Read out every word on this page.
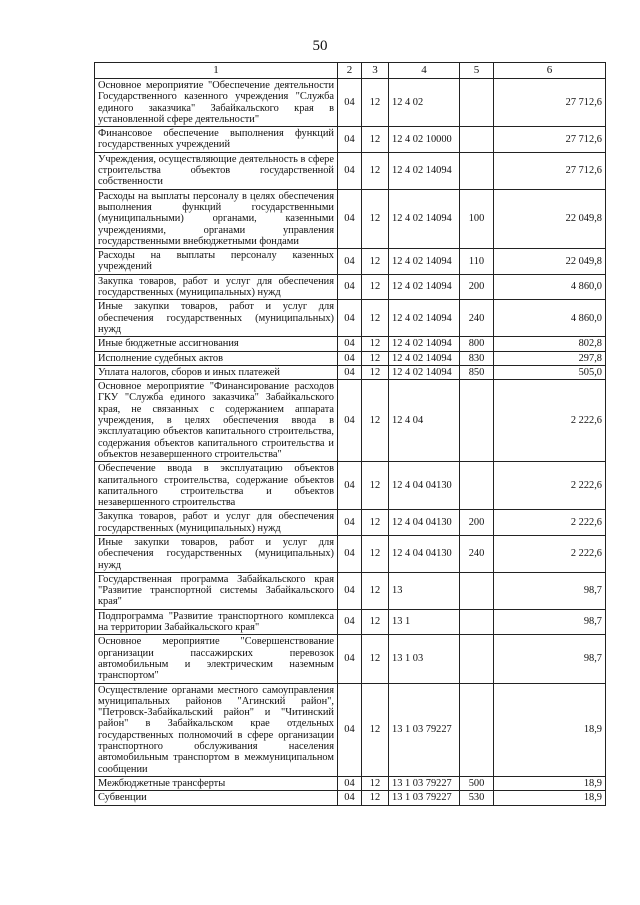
50
1	2	3	4	5	6
Основное мероприятие "Обеспечение деятельности Государственного казенного учреждения "Служба единого заказчика" Забайкальского края в установленной сфере деятельности"	04	12	12 4 02		27 712,6
Финансовое обеспечение выполнения функций государственных учреждений	04	12	12 4 02 10000		27 712,6
Учреждения, осуществляющие деятельность в сфере строительства объектов государственной собственности	04	12	12 4 02 14094		27 712,6
Расходы на выплаты персоналу в целях обеспечения выполнения функций государственными (муниципальными) органами, казенными учреждениями, органами управления государственными внебюджетными фондами	04	12	12 4 02 14094	100	22 049,8
Расходы на выплаты персоналу казенных учреждений	04	12	12 4 02 14094	110	22 049,8
Закупка товаров, работ и услуг для обеспечения государственных (муниципальных) нужд	04	12	12 4 02 14094	200	4 860,0
Иные закупки товаров, работ и услуг для обеспечения государственных (муниципальных) нужд	04	12	12 4 02 14094	240	4 860,0
Иные бюджетные ассигнования	04	12	12 4 02 14094	800	802,8
Исполнение судебных актов	04	12	12 4 02 14094	830	297,8
Уплата налогов, сборов и иных платежей	04	12	12 4 02 14094	850	505,0
Основное мероприятие "Финансирование расходов ГКУ "Служба единого заказчика" Забайкальского края, не связанных с содержанием аппарата учреждения, в целях обеспечения ввода в эксплуатацию объектов капитального строительства, содержания объектов капитального строительства и объектов незавершенного строительства"	04	12	12 4 04		2 222,6
Обеспечение ввода в эксплуатацию объектов капитального строительства, содержание объектов капитального строительства и объектов незавершенного строительства	04	12	12 4 04 04130		2 222,6
Закупка товаров, работ и услуг для обеспечения государственных (муниципальных) нужд	04	12	12 4 04 04130	200	2 222,6
Иные закупки товаров, работ и услуг для обеспечения государственных (муниципальных) нужд	04	12	12 4 04 04130	240	2 222,6
Государственная программа Забайкальского края "Развитие транспортной системы Забайкальского края"	04	12	13		98,7
Подпрограмма "Развитие транспортного комплекса на территории Забайкальского края"	04	12	13 1		98,7
Основное мероприятие "Совершенствование организации пассажирских перевозок автомобильным и электрическим наземным транспортом"	04	12	13 1 03		98,7
Осуществление органами местного самоуправления муниципальных районов "Агинский район", "Петровск-Забайкальский район" и "Читинский район" в Забайкальском крае отдельных государственных полномочий в сфере организации транспортного обслуживания населения автомобильным транспортом в межмуниципальном сообщении	04	12	13 1 03 79227		18,9
Межбюджетные трансферты	04	12	13 1 03 79227	500	18,9
Субвенции	04	12	13 1 03 79227	530	18,9
